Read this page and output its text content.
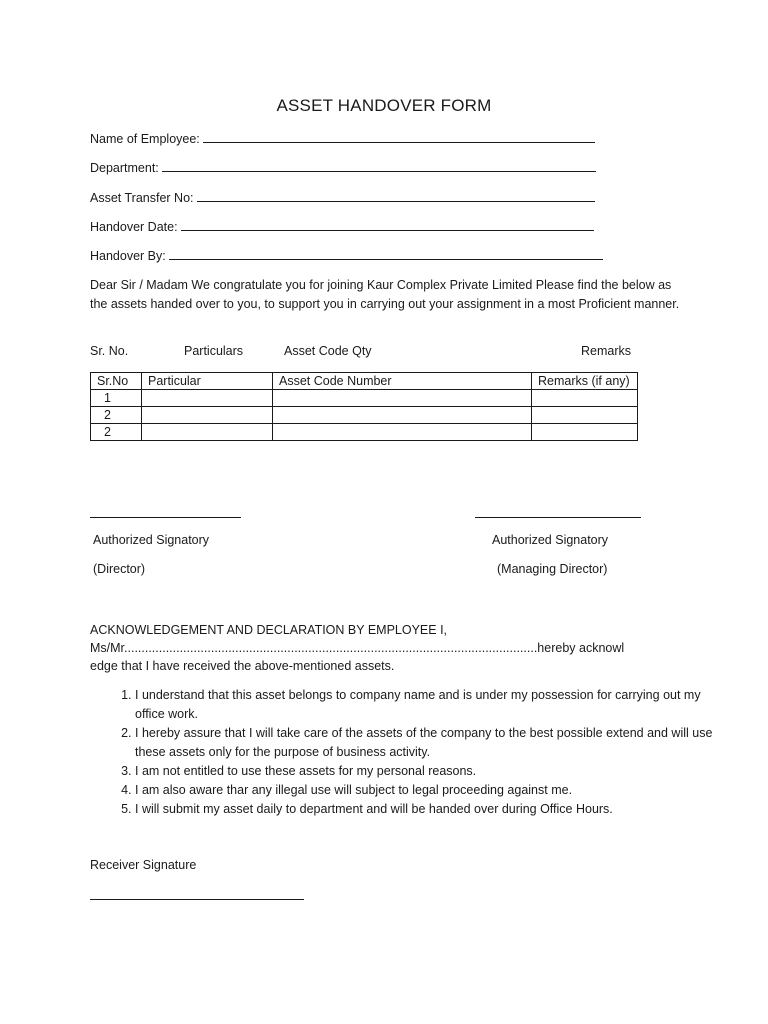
ASSET HANDOVER FORM
Name of Employee:
Department:
Asset Transfer No:
Handover Date:
Handover By:
Dear Sir / Madam We congratulate you for joining Kaur Complex Private Limited Please find the below as the assets handed over to you, to support you in carrying out your assignment in a most Proficient manner.
Sr. No.	Particulars	Asset Code Qty	Remarks
Sr.No	Particular	Asset Code Number	Remarks (if any)
1			
2			
2			
Authorized Signatory
(Director)
Authorized Signatory
(Managing Director)
ACKNOWLEDGEMENT AND DECLARATION BY EMPLOYEE I,
Ms/Mr.......................................................................................................................hereby acknowledge that I have received the above-mentioned assets.
1. I understand that this asset belongs to company name and is under my possession for carrying out my office work.
2. I hereby assure that I will take care of the assets of the company to the best possible extend and will use these assets only for the purpose of business activity.
3. I am not entitled to use these assets for my personal reasons.
4. I am also aware thar any illegal use will subject to legal proceeding against me.
5. I will submit my asset daily to department and will be handed over during Office Hours.
Receiver Signature
